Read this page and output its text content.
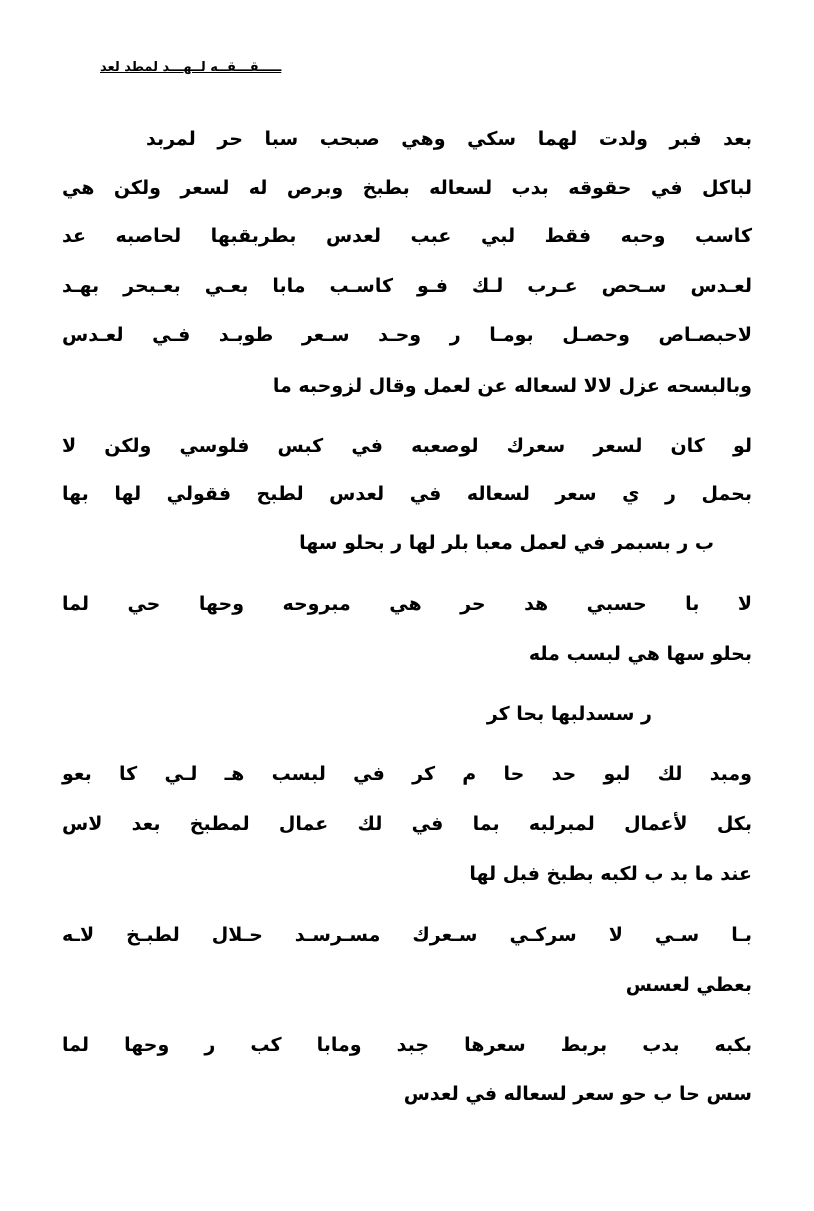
ـــــقـــقــه لــهـــد لمطد لعد
بعد فبر ولدت لهما سكي وهي صبحب سبا حر لمربد
لباكل في حقوقه بدب لسعاله بطبخ وبرص له لسعر ولكن هي
كاسب وحبه فقط لبي عبب لعدس بطربقبها لحاصبه عد
لعـدس سـحص عـرب لـك فـو كاسـب مابا بعـي بعـبحر بهـد
لاحبصـاص وحصـل بومـا ر وحـد سـعر طوبـد فـي لعـدس
وبالبسحه عزل لالا لسعاله عن لعمل وقال لزوحبه ما
لو كان لسعر سعرك لوصعبه في كبس فلوسي ولكن لا
بحمل ر ي سعر لسعاله في لعدس لطبح فقولي لها بها
ب ر بسبمر في لعمل معبا بلر لها ر بحلو سها
لا با حسبي هد حر هي مبروحه وحها حي لما
بحلو سها هي لبسب مله
ر سسدلبها بحا كر
ومبد لك لبو حد حا م كر في لبسب هـ لـي كا بعو
بكل لأعمال لمبرلبه بما في لك عمال لمطبخ بعد لاس
عند ما بد ب لكبه بطبخ فبل لها
بـا سـي لا سركـي سـعرك مسـرسـد حـلال لطبـخ لاـه
بعطي لعسس
بكبه بدب بربط سعرها جبد ومابا كب ر وحها لما
سس حا ب حو سعر لسعاله في لعدس
